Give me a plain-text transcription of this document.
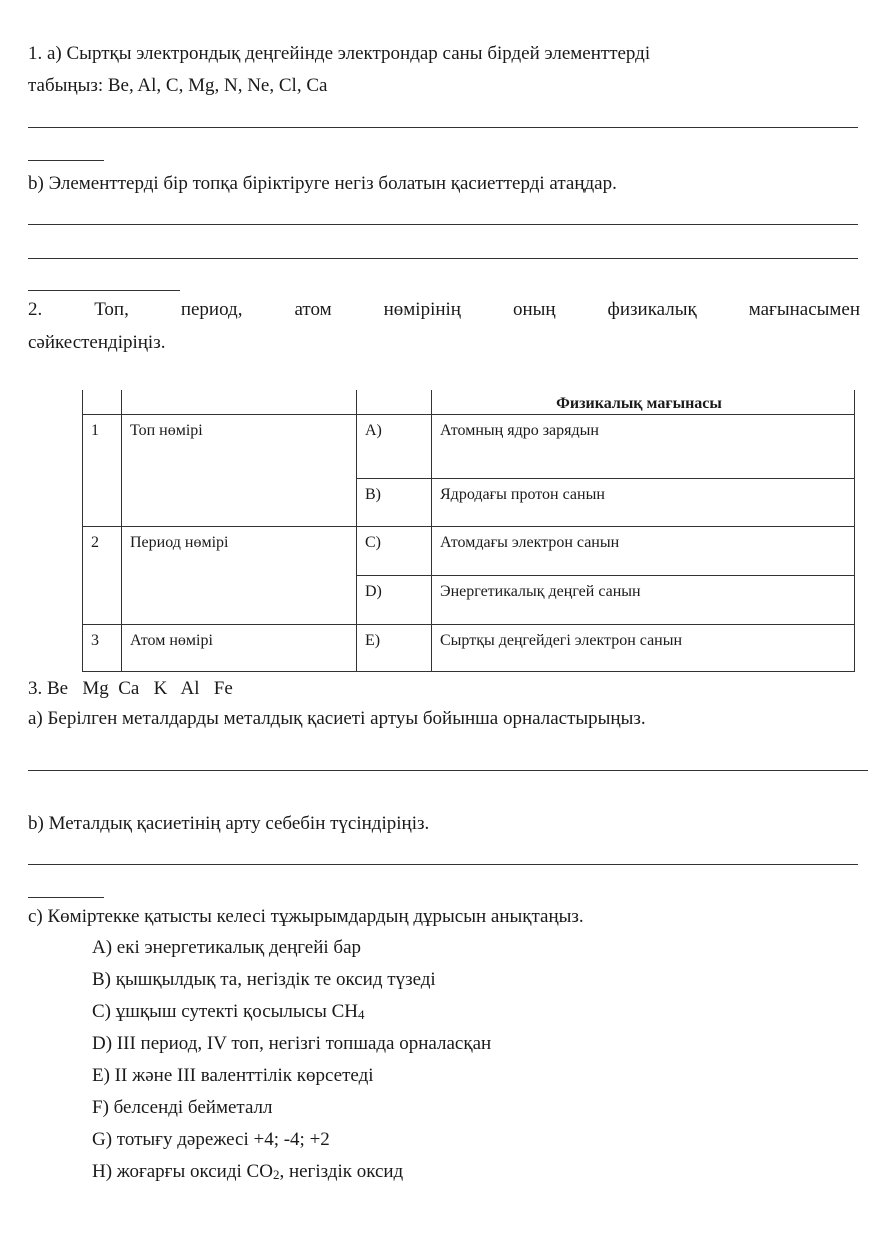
1. а) Сыртқы электрондық деңгейінде электрондар саны бірдей элементтерді
табыңыз: Be, Al, C, Mg, N, Ne, Cl, Ca
b) Элементтерді бір топқа біріктіруге негіз болатын қасиеттерді атаңдар.
2.	Топ,	период,	атом	нөмірінің	оның	физикалық	мағынасымен
сәйкестендіріңіз.
			Физикалық мағынасы
1	Топ нөмірі	A)	Атомның ядро зарядын
		B)	Ядродағы протон санын
2	Период нөмірі	C)	Атомдағы электрон санын
		D)	Энергетикалық деңгей санын
3	Атом нөмірі	E)	Сыртқы деңгейдегі электрон санын
3. Be   Mg  Ca   K   Al   Fe
а) Берілген металдарды металдық қасиеті артуы бойынша орналастырыңыз.
b) Металдық қасиетінің арту себебін түсіндіріңіз.
c) Көміртекке қатысты келесі тұжырымдардың дұрысын анықтаңыз.
A) екі энергетикалық деңгейі бар
B) қышқылдық та, негіздік те оксид түзеді
C) ұшқыш сутекті қосылысы $CH_4$
D) III период, IV топ, негізгі топшада орналасқан
E) II және III валенттілік көрсетеді
F) белсенді бейметалл
G) тотығу дәрежесі +4; -4; +2
H) жоғарғы оксиді $CO_2$, негіздік оксид
